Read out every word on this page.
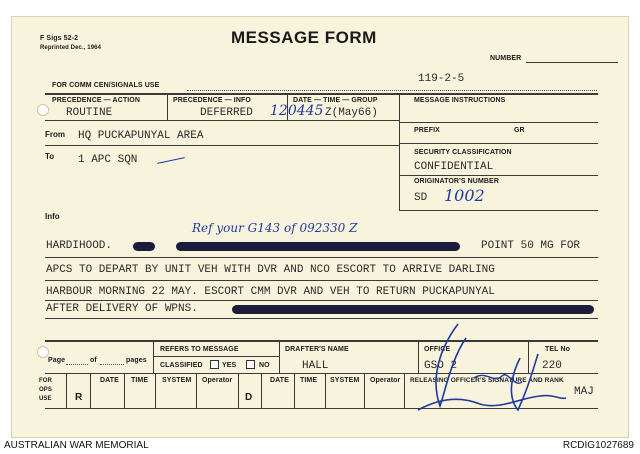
F Sigs 52-2
Reprinted Dec., 1964
MESSAGE FORM
NUMBER
FOR COMM CEN/SIGNALS USE
119-2-5
PRECEDENCE — ACTION
ROUTINE
PRECEDENCE — INFO
DEFERRED
DATE — TIME — GROUP
120445 Z(May66)
MESSAGE INSTRUCTIONS
PREFIX	GR
SECURITY CLASSIFICATION
CONFIDENTIAL
ORIGINATOR'S NUMBER
SD 1002
From HQ PUCKAPUNYAL AREA
To 1 APC SQN
Info
Ref your G143 of 092330 Z
HARDIHOOD.	POINT 50 MG FOR
APCS TO DEPART BY UNIT VEH WITH DVR AND NCO ESCORT TO ARRIVE DARLING
HARBOUR MORNING 22 MAY. ESCORT CMM DVR AND VEH TO RETURN PUCKAPUNYAL
AFTER DELIVERY OF WPNS.
Page	of	pages
REFERS TO MESSAGE
CLASSIFIED	YES	NO
DRAFTER'S NAME
HALL
OFFICE
GSO 2
TEL No
220
FOR OPS USE	R
DATE TIME SYSTEM Operator
D
DATE TIME SYSTEM Operator RELEASING OFFICER'S SIGNATURE AND RANK
MAJ
AUSTRALIAN WAR MEMORIAL	RCDIG1027689
